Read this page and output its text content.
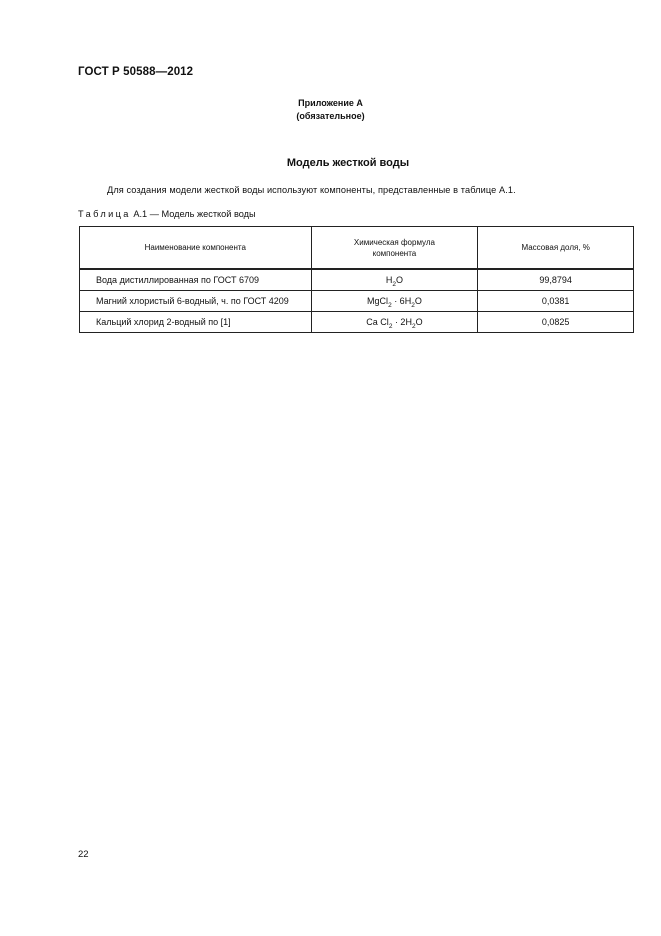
ГОСТ Р 50588—2012
Приложение А
(обязательное)
Модель жесткой воды
Для создания модели жесткой воды используют компоненты, представленные в таблице А.1.
Таблица А.1 — Модель жесткой воды
Наименование компонента	Химическая формула компонента	Массовая доля, %
Вода дистиллированная по ГОСТ 6709	$H_2O$	99,8794
Магний хлористый 6-водный, ч. по ГОСТ 4209	MgCl$_2$ · $6H_2O$	0,0381
Кальций хлорид 2-водный по [1]	Ca $Cl_2 \cdot 2H_2O$	0,0825
22
